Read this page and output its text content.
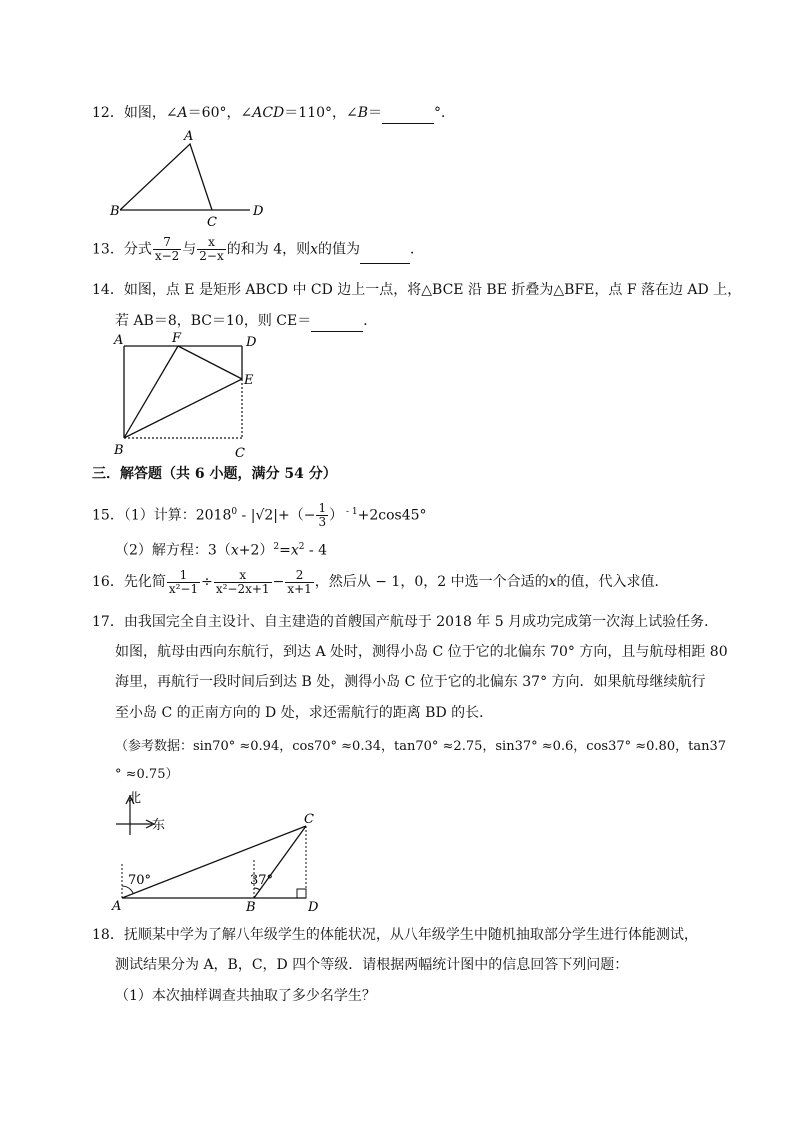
12．如图，∠A＝60°，∠ACD＝110°，∠B＝	°．
A
B
C
D
13．分式 $\frac{7}{x-2}$ 与 $\frac{x}{2-x}$ 的和为 4，则x的值为	．
14．如图，点 E 是矩形 ABCD 中 CD 边上一点，将△BCE 沿 BE 折叠为△BFE，点 F 落在边 AD 上，
若 AB＝8，BC＝10，则 CE＝	．
A	F	D
E
B	C
三．解答题（共 6 小题，满分 54 分）
15．（1）计算：$2018^0 - |√2|+(- \frac{1}{3}$ ） $^{- 1}$+2cos45°
（2）解方程：$3(x+2)^2=x^2 - 4$
16．先化简 $\frac{1}{\text{x²−1}} \div \frac{x}{\text{x²−2x+1}} - \frac{2}{x+1}$ ，然后从 − 1，0，2 中选一个合适的x的值，代入求值．
17．由我国完全自主设计、自主建造的首艘国产航母于 2018 年 5 月成功完成第一次海上试验任务．
如图，航母由西向东航行，到达 A 处时，测得小岛 C 位于它的北偏东 70° 方向，且与航母相距 80
海里，再航行一段时间后到达 B 处，测得小岛 C 位于它的北偏东 37° 方向．如果航母继续航行
至小岛 C 的正南方向的 D 处，求还需航行的距离 BD 的长．
（参考数据：sin70° ≈0.94，cos70° ≈0.34，tan70° ≈2.75，sin37° ≈0.6，cos37° ≈0.80，tan37
° ≈0.75）
北
东
70°	37°
C
A	B	D
18．抚顺某中学为了解八年级学生的体能状况，从八年级学生中随机抽取部分学生进行体能测试，
测试结果分为 A，B，C，D 四个等级．请根据两幅统计图中的信息回答下列问题：
（1）本次抽样调查共抽取了多少名学生？
